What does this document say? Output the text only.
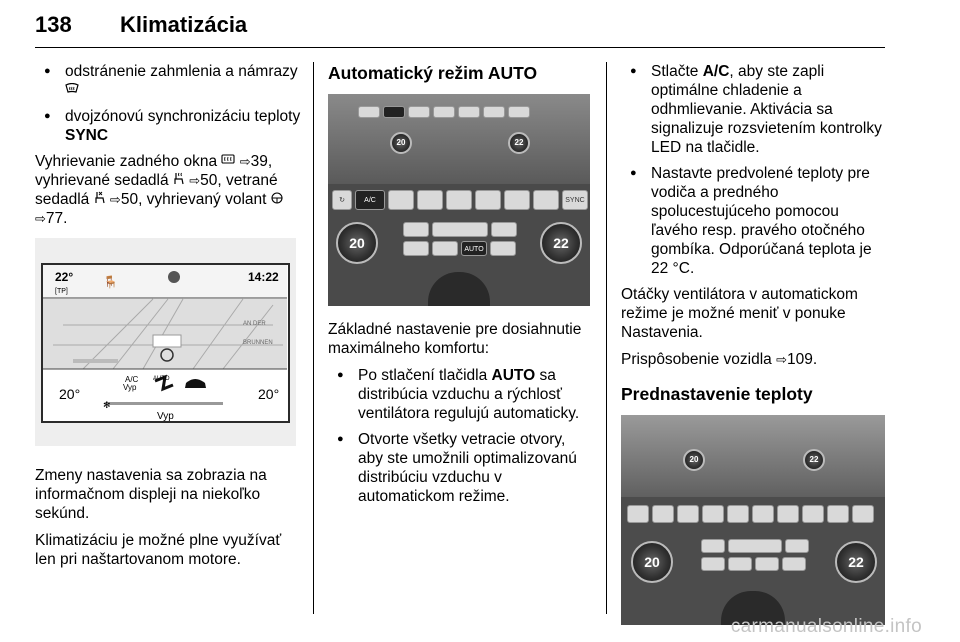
138 Klimatizácia
● odstránenie zahmlenia a námrazy
● dvojzónovú synchronizáciu teploty SYNC

Vyhrievanie zadného okna ⇨39, vyhrievané sedadlá ⇨50, vetrané sedadlá ⇨50, vyhrievaný volant
⇨77.

22°
[TP]
14:22
🪑
AN DER BRUNNEN
A/C
Vyp
AUTO
20°	20°
✻
Vyp

Zmeny nastavenia sa zobrazia na informačnom displeji na niekoľko sekúnd.

Klimatizáciu je možné plne využívať len pri naštartovanom motore.

Automatický režim AUTO
20	22
↻	A/C	SYNC
AUTO
20	22

Základné nastavenie pre dosiahnutie maximálneho komfortu:

● Po stlačení tlačidla AUTO sa distribúcia vzduchu a rýchlosť ventilátora regulujú automaticky.
● Otvorte všetky vetracie otvory, aby ste umožnili optimalizovanú distribúciu vzduchu v automatickom režime.
● Stlačte A/C, aby ste zapli optimálne chladenie a odhmlievanie. Aktivácia sa signalizuje rozsvietením kontrolky LED na tlačidle.
● Nastavte predvolené teploty pre vodiča a predného spolucestujúceho pomocou ľavého resp. pravého otočného gombíka. Odporúčaná teplota je 22 °C.

Otáčky ventilátora v automatickom režime je možné meniť v ponuke Nastavenia.

Prispôsobenie vozidla ⇨109.

Prednastavenie teploty
20	22
20	22
carmanualsonline.info
